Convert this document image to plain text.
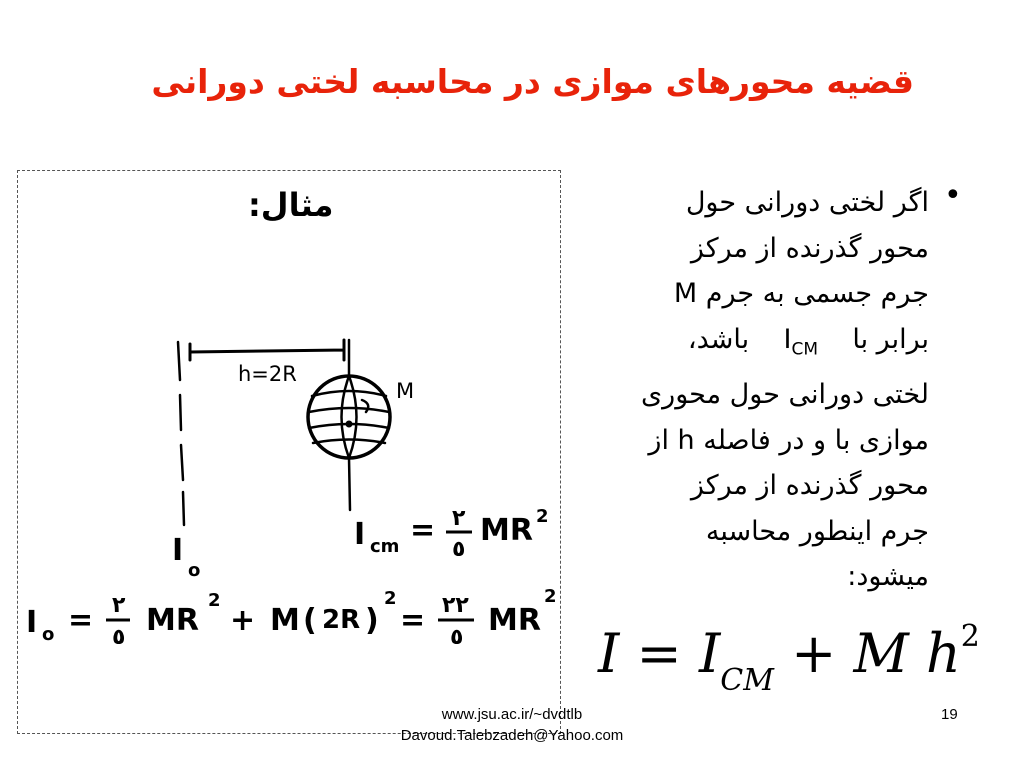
قضیه محورهای موازی در محاسبه لختی دورانی
مثال:
h=2R
M
I cm = ٢
٥
MR 2
I
o
I o = ٢
٥ MR
2
+ M ( 2R )
2
= ٢٢
٥ MR
2
•
اگر لختی دورانی حول
محور گذرنده از مرکز
جرم جسمی به جرم M
برابر با    $I_{CM}$    باشد،
لختی دورانی حول محوری
موازی با و در فاصله h از
محور گذرنده از مرکز
جرم اینطور محاسبه
میشود:
$I = I_{CM} + M$ $h^2$
www.jsu.ac.ir/~dvdtlb
Davoud.Talebzadeh@Yahoo.com
19
